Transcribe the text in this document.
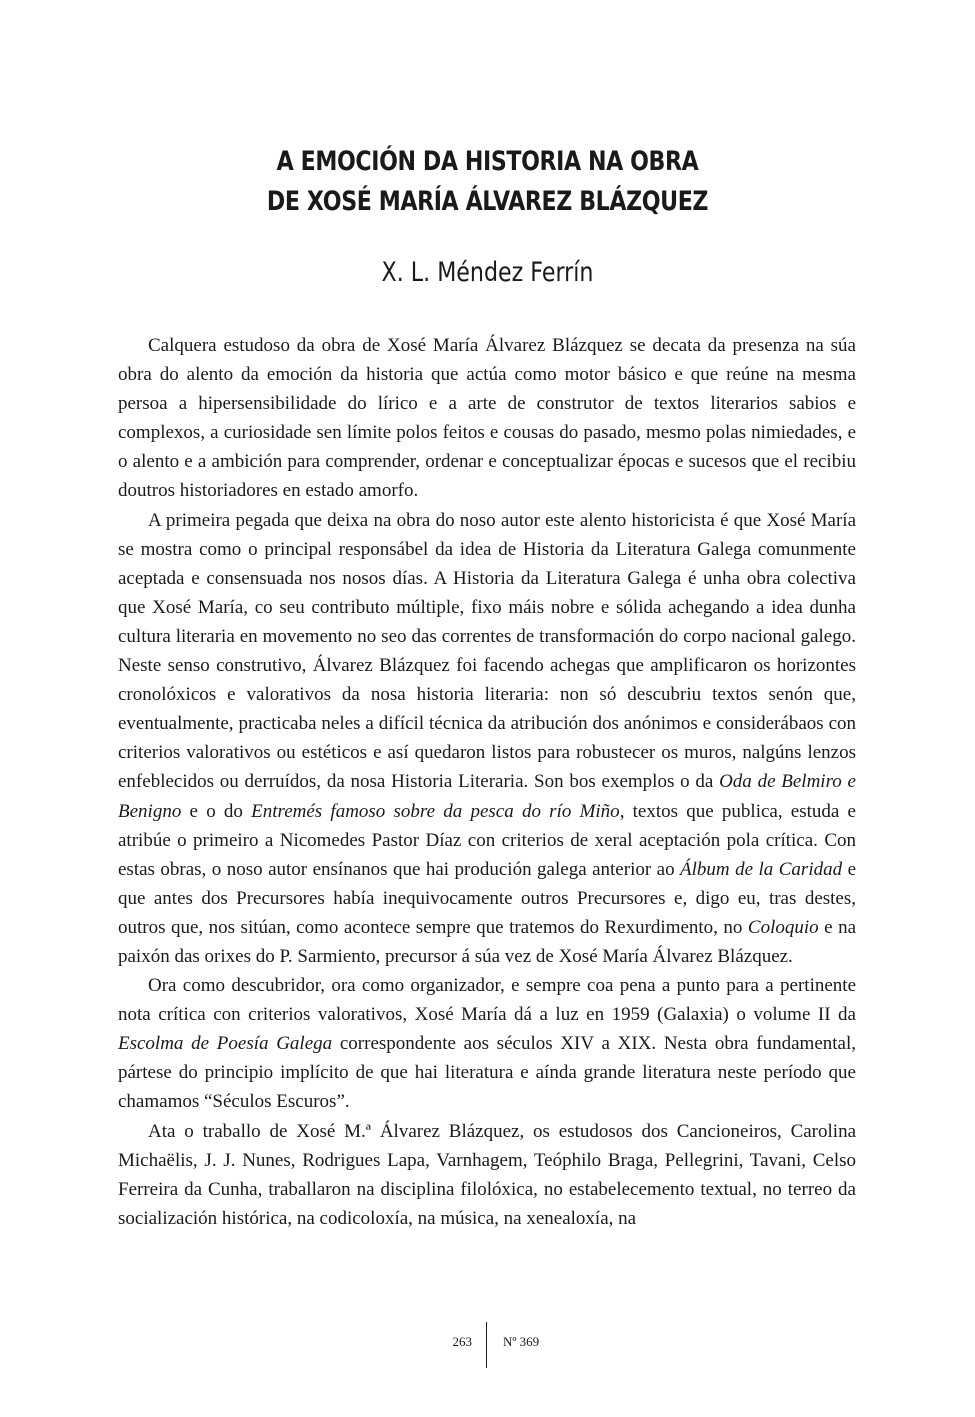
A EMOCIÓN DA HISTORIA NA OBRA
DE XOSÉ MARÍA ÁLVAREZ BLÁZQUEZ
X. L. Méndez Ferrín

Calquera estudoso da obra de Xosé María Álvarez Blázquez se decata da presenza na súa obra do alento da emoción da historia que actúa como motor básico e que reúne na mesma persoa a hipersensibilidade do lírico e a arte de construtor de textos literarios sabios e complexos, a curiosidade sen límite polos feitos e cousas do pasado, mesmo polas nimiedades, e o alento e a ambición para comprender, ordenar e conceptualizar épocas e sucesos que el recibiu doutros historiadores en estado amorfo.

A primeira pegada que deixa na obra do noso autor este alento historicista é que Xosé María se mostra como o principal responsábel da idea de Historia da Literatura Galega comunmente aceptada e consensuada nos nosos días. A Historia da Literatura Galega é unha obra colectiva que Xosé María, co seu contributo múltiple, fixo máis nobre e sólida achegando a idea dunha cultura literaria en movemento no seo das correntes de transformación do corpo nacional galego. Neste senso construtivo, Álvarez Blázquez foi facendo achegas que amplificaron os horizontes cronolóxicos e valorativos da nosa historia literaria: non só descubriu textos senón que, eventualmente, practicaba neles a difícil técnica da atribución dos anónimos e considerábaos con criterios valorativos ou estéticos e así quedaron listos para robustecer os muros, nalgúns lenzos enfeblecidos ou derruídos, da nosa Historia Literaria. Son bos exemplos o da Oda de Belmiro e Benigno e o do Entremés famoso sobre da pesca do río Miño, textos que publica, estuda e atribúe o primeiro a Nicomedes Pastor Díaz con criterios de xeral aceptación pola crítica. Con estas obras, o noso autor ensínanos que hai produción galega anterior ao Álbum de la Caridad e que antes dos Precursores había inequivocamente outros Precursores e, digo eu, tras destes, outros que, nos sitúan, como acontece sempre que tratemos do Rexurdimento, no Coloquio e na paixón das orixes do P. Sarmiento, precursor á súa vez de Xosé María Álvarez Blázquez.

Ora como descubridor, ora como organizador, e sempre coa pena a punto para a pertinente nota crítica con criterios valorativos, Xosé María dá a luz en 1959 (Galaxia) o volume II da Escolma de Poesía Galega correspondente aos séculos XIV a XIX. Nesta obra fundamental, pártese do principio implícito de que hai literatura e aínda grande literatura neste período que chamamos “Séculos Escuros”.

Ata o traballo de Xosé M.ª Álvarez Blázquez, os estudosos dos Cancioneiros, Carolina Michaëlis, J. J. Nunes, Rodrigues Lapa, Varnhagem, Teóphilo Braga, Pellegrini, Tavani, Celso Ferreira da Cunha, traballaron na disciplina filolóxica, no estabelecemento textual, no terreo da socialización histórica, na codicoloxía, na música, na xenealoxía, na

263 Nº 369
